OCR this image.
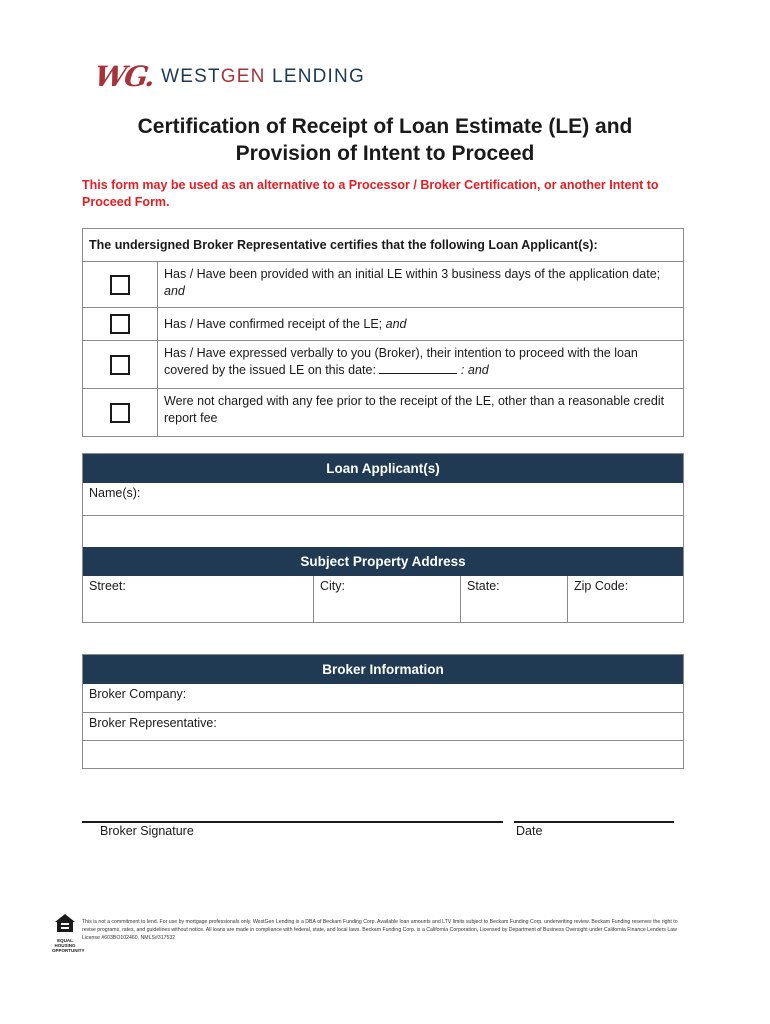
WG. WESTGEN LENDING
Certification of Receipt of Loan Estimate (LE) and
Provision of Intent to Proceed
This form may be used as an alternative to a Processor / Broker Certification, or another Intent to Proceed Form.
The undersigned Broker Representative certifies that the following Loan Applicant(s):
Has / Have been provided with an initial LE within 3 business days of the application date; and
Has / Have confirmed receipt of the LE; and
Has / Have expressed verbally to you (Broker), their intention to proceed with the loan covered by the issued LE on this date:	: and
Were not charged with any fee prior to the receipt of the LE, other than a reasonable credit report fee
Loan Applicant(s)
Name(s):
Subject Property Address
Street:	City:	State:	Zip Code:
Broker Information
Broker Company:
Broker Representative:
Broker Signature	Date
EQUAL HOUSING OPPORTUNITY
This is not a commitment to lend. For use by mortgage professionals only. WestGen Lending is a DBA of Beckam Funding Corp. Available loan amounts and LTV limits subject to Beckam Funding Corp. underwriting review. Beckam Funding reserves the right to revise programs, rates, and guidelines without notice. All loans are made in compliance with federal, state, and local laws. Beckam Funding Corp. is a California Corporation, Licensed by Department of Business Oversight under California Finance Lenders Law License #603BO102460. NMLS#317532
